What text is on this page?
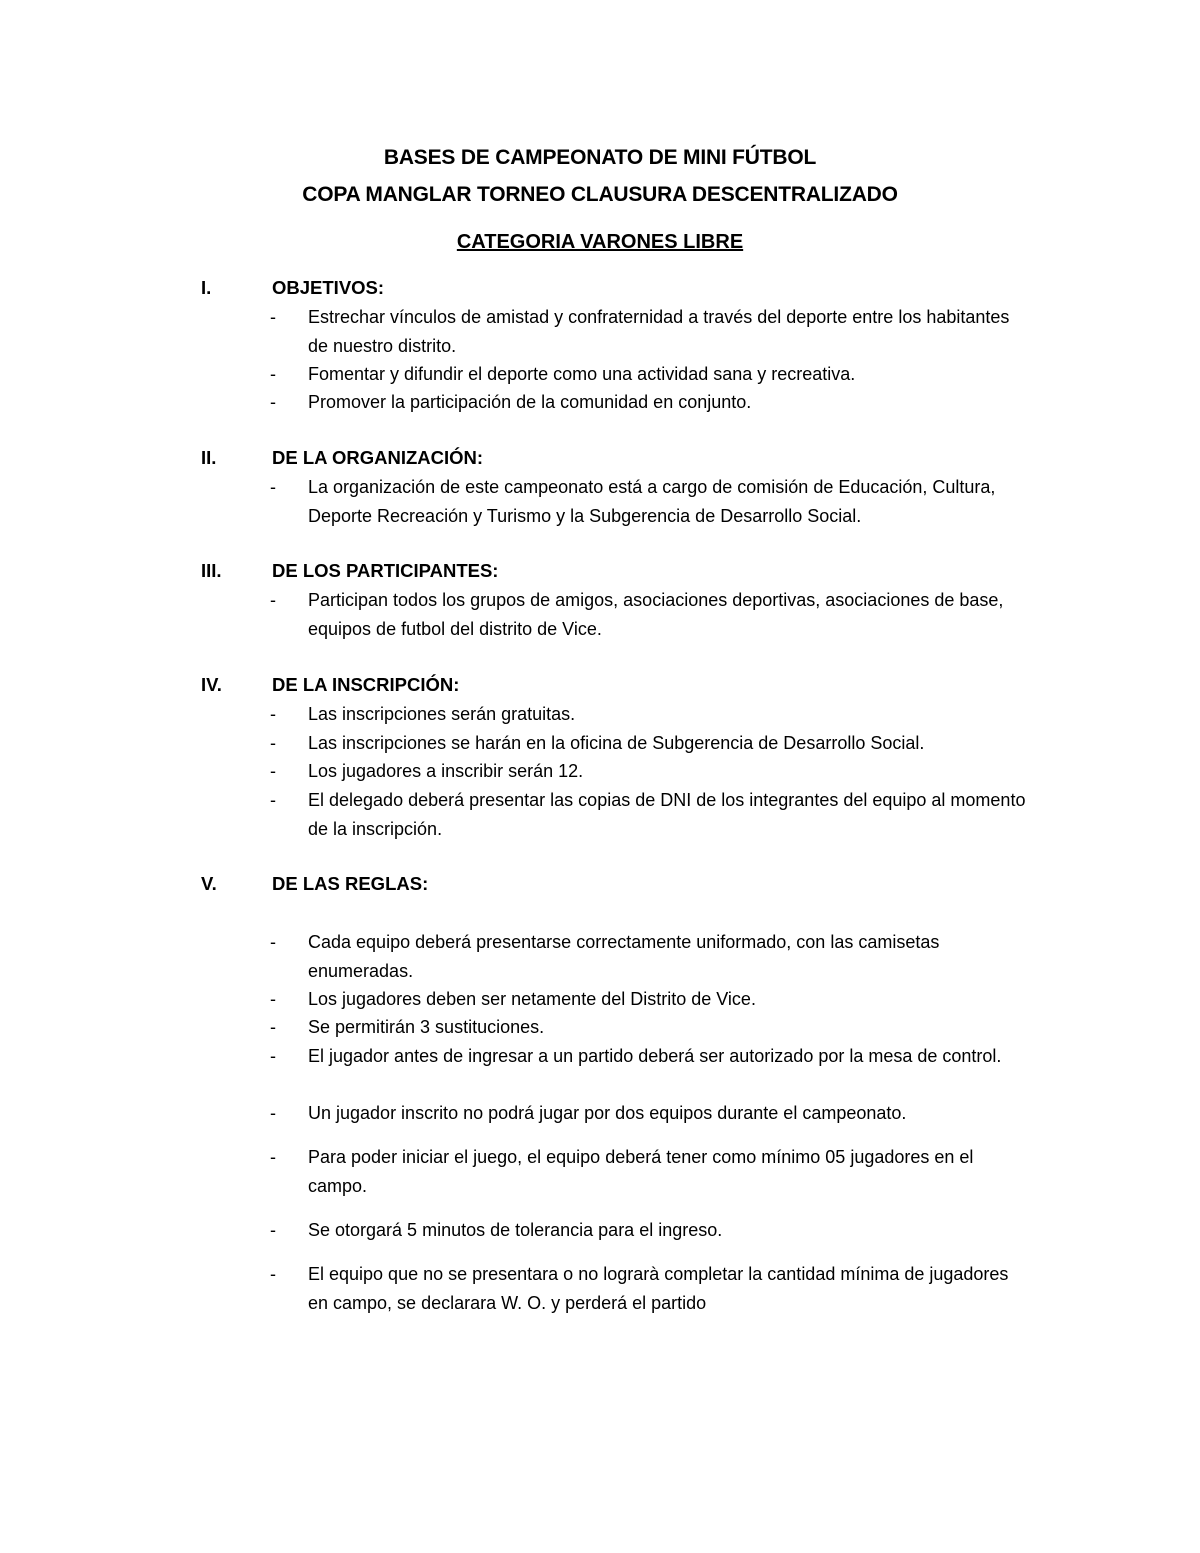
BASES DE CAMPEONATO DE MINI FÚTBOL
COPA MANGLAR TORNEO CLAUSURA DESCENTRALIZADO
CATEGORIA VARONES LIBRE
I.	OBJETIVOS:
- Estrechar vínculos de amistad y confraternidad a través del deporte entre los habitantes de nuestro distrito.
- Fomentar y difundir el deporte como una actividad sana y recreativa.
- Promover la participación de la comunidad en conjunto.
II.	DE LA ORGANIZACIÓN:
- La organización de este campeonato está a cargo de comisión de Educación, Cultura, Deporte Recreación y Turismo y la Subgerencia de Desarrollo Social.
III.	DE LOS PARTICIPANTES:
- Participan todos los grupos de amigos, asociaciones deportivas, asociaciones de base, equipos de futbol del distrito de Vice.
IV.	DE LA INSCRIPCIÓN:
- Las inscripciones serán gratuitas.
- Las inscripciones se harán en la oficina de Subgerencia de Desarrollo Social.
- Los jugadores a inscribir serán 12.
- El delegado deberá presentar las copias de DNI de los integrantes del equipo al momento de la inscripción.
V.	DE LAS REGLAS:
- Cada equipo deberá presentarse correctamente uniformado, con las camisetas enumeradas.
- Los jugadores deben ser netamente del Distrito de Vice.
- Se permitirán 3 sustituciones.
- El jugador antes de ingresar a un partido deberá ser autorizado por la mesa de control.
- Un jugador inscrito no podrá jugar por dos equipos durante el campeonato.
- Para poder iniciar el juego, el equipo deberá tener como mínimo 05 jugadores en el campo.
- Se otorgará 5 minutos de tolerancia para el ingreso.
- El equipo que no se presentara o no lograrà completar la cantidad mínima de jugadores en campo, se declarara W. O. y perderá el partido
